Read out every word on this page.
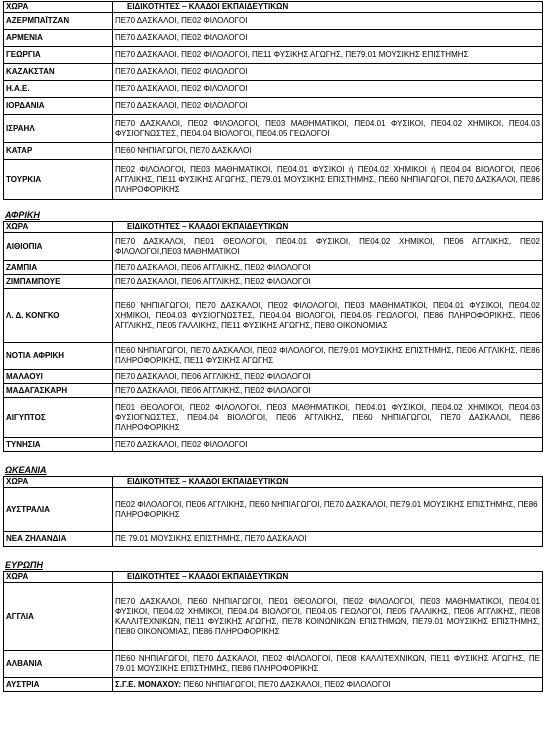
ΧΩΡΑ	ΕΙΔΙΚΟΤΗΤΕΣ – ΚΛΑΔΟΙ ΕΚΠΑΙΔΕΥΤΙΚΩΝ
ΑΖΕΡΜΠΑΪΤΖΑΝ	ΠΕ70 ΔΑΣΚΑΛΟΙ, ΠΕ02 ΦΙΛΟΛΟΓΟΙ
ΑΡΜΕΝΙΑ	ΠΕ70 ΔΑΣΚΑΛΟΙ, ΠΕ02 ΦΙΛΟΛΟΓΟΙ
ΓΕΩΡΓΙΑ	ΠΕ70 ΔΑΣΚΑΛΟΙ, ΠΕ02 ΦΙΛΟΛΟΓΟΙ, ΠΕ11 ΦΥΣΙΚΗΣ ΑΓΩΓΗΣ, ΠΕ79.01 ΜΟΥΣΙΚΗΣ ΕΠΙΣΤΗΜΗΣ
ΚΑΖΑΚΣΤΑΝ	ΠΕ70 ΔΑΣΚΑΛΟΙ, ΠΕ02 ΦΙΛΟΛΟΓΟΙ
Η.Α.Ε.	ΠΕ70 ΔΑΣΚΑΛΟΙ, ΠΕ02 ΦΙΛΟΛΟΓΟΙ
ΙΟΡΔΑΝΙΑ	ΠΕ70 ΔΑΣΚΑΛΟΙ, ΠΕ02 ΦΙΛΟΛΟΓΟΙ
ΙΣΡΑΗΛ	ΠΕ70 ΔΑΣΚΑΛΟΙ, ΠΕ02 ΦΙΛΟΛΟΓΟΙ, ΠΕ03 ΜΑΘΗΜΑΤΙΚΟΙ, ΠΕ04.01 ΦΥΣΙΚΟΙ, ΠΕ04.02 ΧΗΜΙΚΟΙ, ΠΕ04.03 ΦΥΣΙΟΓΝΩΣΤΕΣ, ΠΕ04.04 ΒΙΟΛΟΓΟΙ, ΠΕ04.05 ΓΕΩΛΟΓΟΙ
ΚΑΤΑΡ	ΠΕ60 ΝΗΠΙΑΓΩΓΟΙ, ΠΕ70 ΔΑΣΚΑΛΟΙ
ΤΟΥΡΚΙΑ	ΠΕ02 ΦΙΛΟΛΟΓΟΙ, ΠΕ03 ΜΑΘΗΜΑΤΙΚΟΙ, ΠΕ04.01 ΦΥΣΙΚΟΙ ή ΠΕ04.02 ΧΗΜΙΚΟΙ ή ΠΕ04.04 ΒΙΟΛΟΓΟΙ, ΠΕ06 ΑΓΓΛΙΚΗΣ, ΠΕ11 ΦΥΣΙΚΗΣ ΑΓΩΓΗΣ, ΠΕ79.01 ΜΟΥΣΙΚΗΣ ΕΠΙΣΤΗΜΗΣ, ΠΕ60 ΝΗΠΙΑΓΩΓΟΙ, ΠΕ70 ΔΑΣΚΑΛΟΙ, ΠΕ86 ΠΛΗΡΟΦΟΡΙΚΗΣ
ΑΦΡΙΚΗ
ΧΩΡΑ	ΕΙΔΙΚΟΤΗΤΕΣ – ΚΛΑΔΟΙ ΕΚΠΑΙΔΕΥΤΙΚΩΝ
ΑΙΘΙΟΠΙΑ	ΠΕ70 ΔΑΣΚΑΛΟΙ, ΠΕ01 ΘΕΟΛΟΓΟΙ, ΠΕ04.01 ΦΥΣΙΚΟΙ, ΠΕ04.02 ΧΗΜΙΚΟΙ, ΠΕ06 ΑΓΓΛΙΚΗΣ, ΠΕ02 ΦΙΛΟΛΟΓΟΙ,ΠΕ03 ΜΑΘΗΜΑΤΙΚΟΙ
ΖΑΜΠΙΑ	ΠΕ70 ΔΑΣΚΑΛΟΙ, ΠΕ06 ΑΓΓΛΙΚΗΣ, ΠΕ02 ΦΙΛΟΛΟΓΟΙ
ΖΙΜΠΑΜΠΟΥΕ	ΠΕ70 ΔΑΣΚΑΛΟΙ, ΠΕ06 ΑΓΓΛΙΚΗΣ, ΠΕ02 ΦΙΛΟΛΟΓΟΙ
Λ. Δ. ΚΟΝΓΚΟ	ΠΕ60 ΝΗΠΙΑΓΩΓΟΙ, ΠΕ70 ΔΑΣΚΑΛΟΙ, ΠΕ02 ΦΙΛΟΛΟΓΟΙ, ΠΕ03 ΜΑΘΗΜΑΤΙΚΟΙ, ΠΕ04.01 ΦΥΣΙΚΟΙ, ΠΕ04.02 ΧΗΜΙΚΟΙ, ΠΕ04.03 ΦΥΣΙΟΓΝΩΣΤΕΣ, ΠΕ04.04 ΒΙΟΛΟΓΟΙ, ΠΕ04.05 ΓΕΩΛΟΓΟΙ, ΠΕ86 ΠΛΗΡΟΦΟΡΙΚΗΣ, ΠΕ06 ΑΓΓΛΙΚΗΣ, ΠΕ05 ΓΑΛΛΙΚΗΣ, ΠΕ11 ΦΥΣΙΚΗΣ ΑΓΩΓΗΣ, ΠΕ80 ΟΙΚΟΝΟΜΙΑΣ
ΝΟΤΙΑ ΑΦΡΙΚΗ	ΠΕ60 ΝΗΠΙΑΓΩΓΟΙ, ΠΕ70 ΔΑΣΚΑΛΟΙ, ΠΕ02 ΦΙΛΟΛΟΓΟΙ, ΠΕ79.01 ΜΟΥΣΙΚΗΣ ΕΠΙΣΤΗΜΗΣ, ΠΕ06 ΑΓΓΛΙΚΗΣ, ΠΕ86 ΠΛΗΡΟΦΟΡΙΚΗΣ, ΠΕ11 ΦΥΣΙΚΗΣ ΑΓΩΓΗΣ
ΜΑΛΑΟΥΙ	ΠΕ70 ΔΑΣΚΑΛΟΙ, ΠΕ06 ΑΓΓΛΙΚΗΣ, ΠΕ02 ΦΙΛΟΛΟΓΟΙ
ΜΑΔΑΓΑΣΚΑΡΗ	ΠΕ70 ΔΑΣΚΑΛΟΙ, ΠΕ06 ΑΓΓΛΙΚΗΣ, ΠΕ02 ΦΙΛΟΛΟΓΟΙ
ΑΙΓΥΠΤΟΣ	ΠΕ01 ΘΕΟΛΟΓΟΙ, ΠΕ02 ΦΙΛΟΛΟΓΟΙ, ΠΕ03 ΜΑΘΗΜΑΤΙΚΟΙ, ΠΕ04.01 ΦΥΣΙΚΟΙ, ΠΕ04.02 ΧΗΜΙΚΟΙ, ΠΕ04.03 ΦΥΣΙΟΓΝΩΣΤΕΣ, ΠΕ04.04 ΒΙΟΛΟΓΟΙ, ΠΕ06 ΑΓΓΛΙΚΗΣ, ΠΕ60 ΝΗΠΙΑΓΩΓΟΙ, ΠΕ70 ΔΑΣΚΑΛΟΙ, ΠΕ86 ΠΛΗΡΟΦΟΡΙΚΗΣ
ΤΥΝΗΣΙΑ	ΠΕ70 ΔΑΣΚΑΛΟΙ, ΠΕ02 ΦΙΛΟΛΟΓΟΙ
ΩΚΕΑΝΙΑ
ΧΩΡΑ	ΕΙΔΙΚΟΤΗΤΕΣ – ΚΛΑΔΟΙ ΕΚΠΑΙΔΕΥΤΙΚΩΝ
ΑΥΣΤΡΑΛΙΑ	ΠΕ02 ΦΙΛΟΛΟΓΟΙ, ΠΕ06 ΑΓΓΛΙΚΗΣ, ΠΕ60 ΝΗΠΙΑΓΩΓΟΙ, ΠΕ70 ΔΑΣΚΑΛΟΙ, ΠΕ79.01 ΜΟΥΣΙΚΗΣ ΕΠΙΣΤΗΜΗΣ, ΠΕ86 ΠΛΗΡΟΦΟΡΙΚΗΣ
ΝΕΑ ΖΗΛΑΝΔΙΑ	ΠΕ 79.01 ΜΟΥΣΙΚΗΣ ΕΠΙΣΤΗΜΗΣ, ΠΕ70 ΔΑΣΚΑΛΟΙ
ΕΥΡΩΠΗ
ΧΩΡΑ	ΕΙΔΙΚΟΤΗΤΕΣ – ΚΛΑΔΟΙ ΕΚΠΑΙΔΕΥΤΙΚΩΝ
ΑΓΓΛΙΑ	ΠΕ70 ΔΑΣΚΑΛΟΙ, ΠΕ60 ΝΗΠΙΑΓΩΓΟΙ, ΠΕ01 ΘΕΟΛΟΓΟΙ, ΠΕ02 ΦΙΛΟΛΟΓΟΙ, ΠΕ03 ΜΑΘΗΜΑΤΙΚΟΙ, ΠΕ04.01 ΦΥΣΙΚΟΙ, ΠΕ04.02 ΧΗΜΙΚΟΙ, ΠΕ04.04 ΒΙΟΛΟΓΟΙ, ΠΕ04.05 ΓΕΩΛΟΓΟΙ, ΠΕ05 ΓΑΛΛΙΚΗΣ, ΠΕ06 ΑΓΓΛΙΚΗΣ, ΠΕ08 ΚΑΛΛΙΤΕΧΝΙΚΩΝ, ΠΕ11 ΦΥΣΙΚΗΣ ΑΓΩΓΗΣ, ΠΕ78 ΚΟΙΝΩΝΙΚΩΝ ΕΠΙΣΤΗΜΩΝ, ΠΕ79.01 ΜΟΥΣΙΚΗΣ ΕΠΙΣΤΗΜΗΣ, ΠΕ80 ΟΙΚΟΝΟΜΙΑΣ, ΠΕ86 ΠΛΗΡΟΦΟΡΙΚΗΣ
ΑΛΒΑΝΙΑ	ΠΕ60 ΝΗΠΙΑΓΩΓΟΙ, ΠΕ70 ΔΑΣΚΑΛΟΙ, ΠΕ02 ΦΙΛΟΛΟΓΟΙ, ΠΕ08 ΚΑΛΛΙΤΕΧΝΙΚΩΝ, ΠΕ11 ΦΥΣΙΚΗΣ ΑΓΩΓΗΣ, ΠΕ 79.01 ΜΟΥΣΙΚΗΣ ΕΠΙΣΤΗΜΗΣ, ΠΕ86 ΠΛΗΡΟΦΟΡΙΚΗΣ
ΑΥΣΤΡΙΑ	Σ.Γ.Ε. ΜΟΝΑΧΟΥ: ΠΕ60 ΝΗΠΙΑΓΩΓΟΙ, ΠΕ70 ΔΑΣΚΑΛΟΙ, ΠΕ02 ΦΙΛΟΛΟΓΟΙ
